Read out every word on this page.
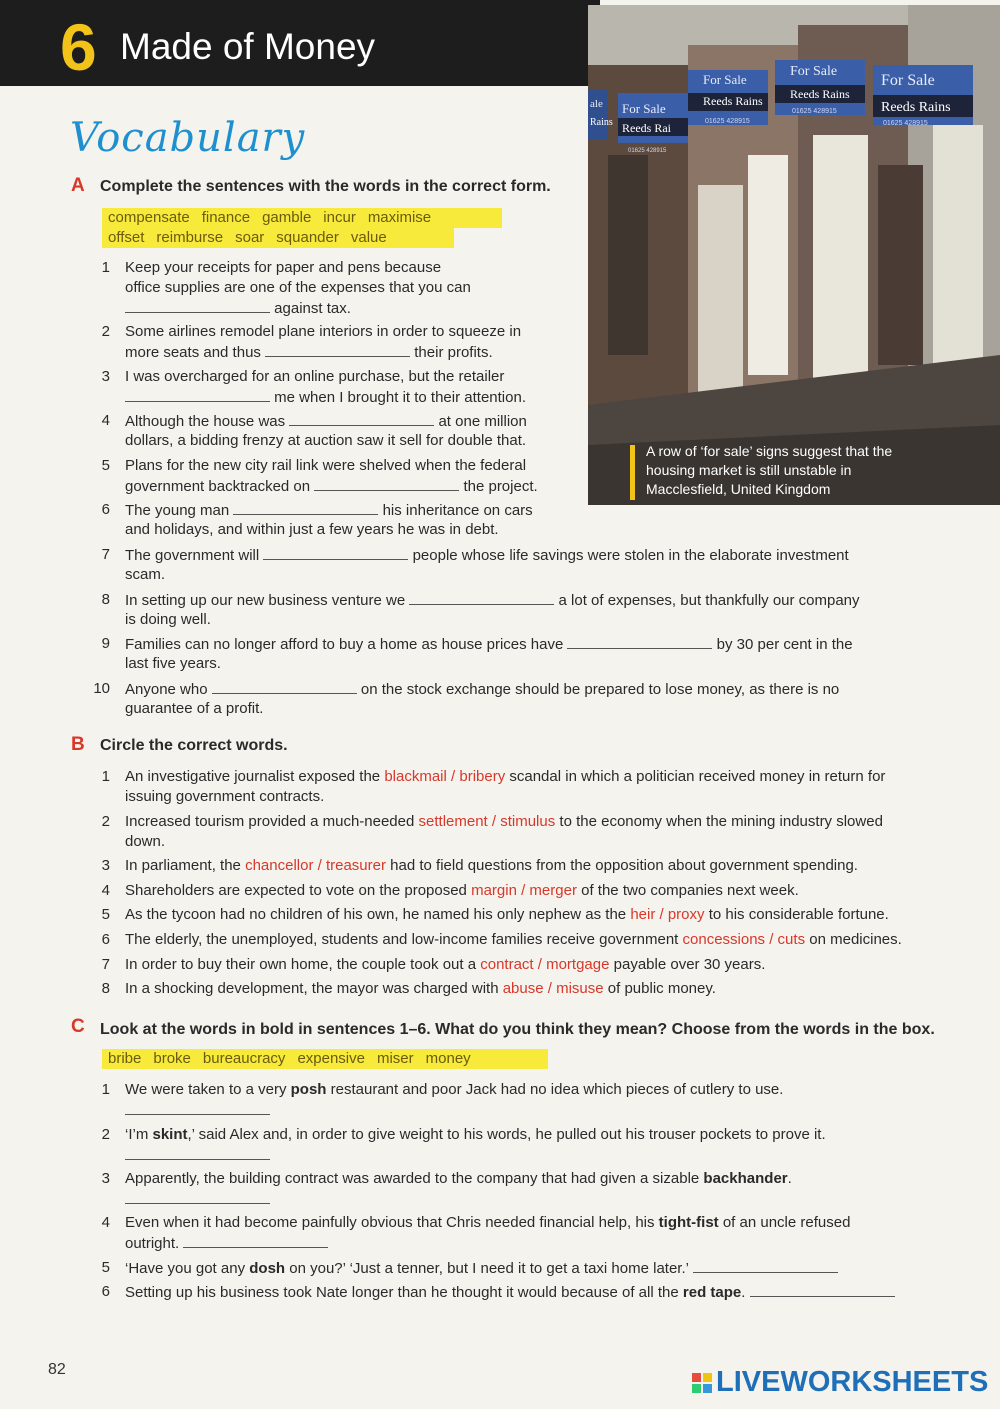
6 Made of Money
Vocabulary
ale
Rains
For Sale
Reeds Rai
01625 428915
For Sale
Reeds Rains
01625 428915
For Sale
Reeds Rains
01625 428915
For Sale
Reeds Rains
01625 428915
A row of ‘for sale’ signs suggest that the housing market is still unstable in Macclesfield, United Kingdom
A Complete the sentences with the words in the correct form.
compensate finance gamble incur maximise
offset reimburse soar squander value
1 Keep your receipts for paper and pens because
office supplies are one of the expenses that you can
against tax.
2 Some airlines remodel plane interiors in order to squeeze in
more seats and thus	their profits.
3 I was overcharged for an online purchase, but the retailer
me when I brought it to their attention.
4 Although the house was	at one million
dollars, a bidding frenzy at auction saw it sell for double that.
5 Plans for the new city rail link were shelved when the federal
government backtracked on	the project.
6 The young man	his inheritance on cars
and holidays, and within just a few years he was in debt.
7 The government will	people whose life savings were stolen in the elaborate investment
scam.
8 In setting up our new business venture we	a lot of expenses, but thankfully our company
is doing well.
9 Families can no longer afford to buy a home as house prices have	by 30 per cent in the
last five years.
10 Anyone who	on the stock exchange should be prepared to lose money, as there is no
guarantee of a profit.
B Circle the correct words.
1 An investigative journalist exposed the blackmail / bribery scandal in which a politician received money in return for
issuing government contracts.
2 Increased tourism provided a much-needed settlement / stimulus to the economy when the mining industry slowed
down.
3 In parliament, the chancellor / treasurer had to field questions from the opposition about government spending.
4 Shareholders are expected to vote on the proposed margin / merger of the two companies next week.
5 As the tycoon had no children of his own, he named his only nephew as the heir / proxy to his considerable fortune.
6 The elderly, the unemployed, students and low-income families receive government concessions / cuts on medicines.
7 In order to buy their own home, the couple took out a contract / mortgage payable over 30 years.
8 In a shocking development, the mayor was charged with abuse / misuse of public money.
C Look at the words in bold in sentences 1–6. What do you think they mean? Choose from the words in the box.
bribe broke bureaucracy expensive miser money
1 We were taken to a very posh restaurant and poor Jack had no idea which pieces of cutlery to use.
2 ‘I’m skint,’ said Alex and, in order to give weight to his words, he pulled out his trouser pockets to prove it.
3 Apparently, the building contract was awarded to the company that had given a sizable backhander.
4 Even when it had become painfully obvious that Chris needed financial help, his tight-fist of an uncle refused
outright.
5 ‘Have you got any dosh on you?’ ‘Just a tenner, but I need it to get a taxi home later.’
6 Setting up his business took Nate longer than he thought it would because of all the red tape.
82	LIVEWORKSHEETS
